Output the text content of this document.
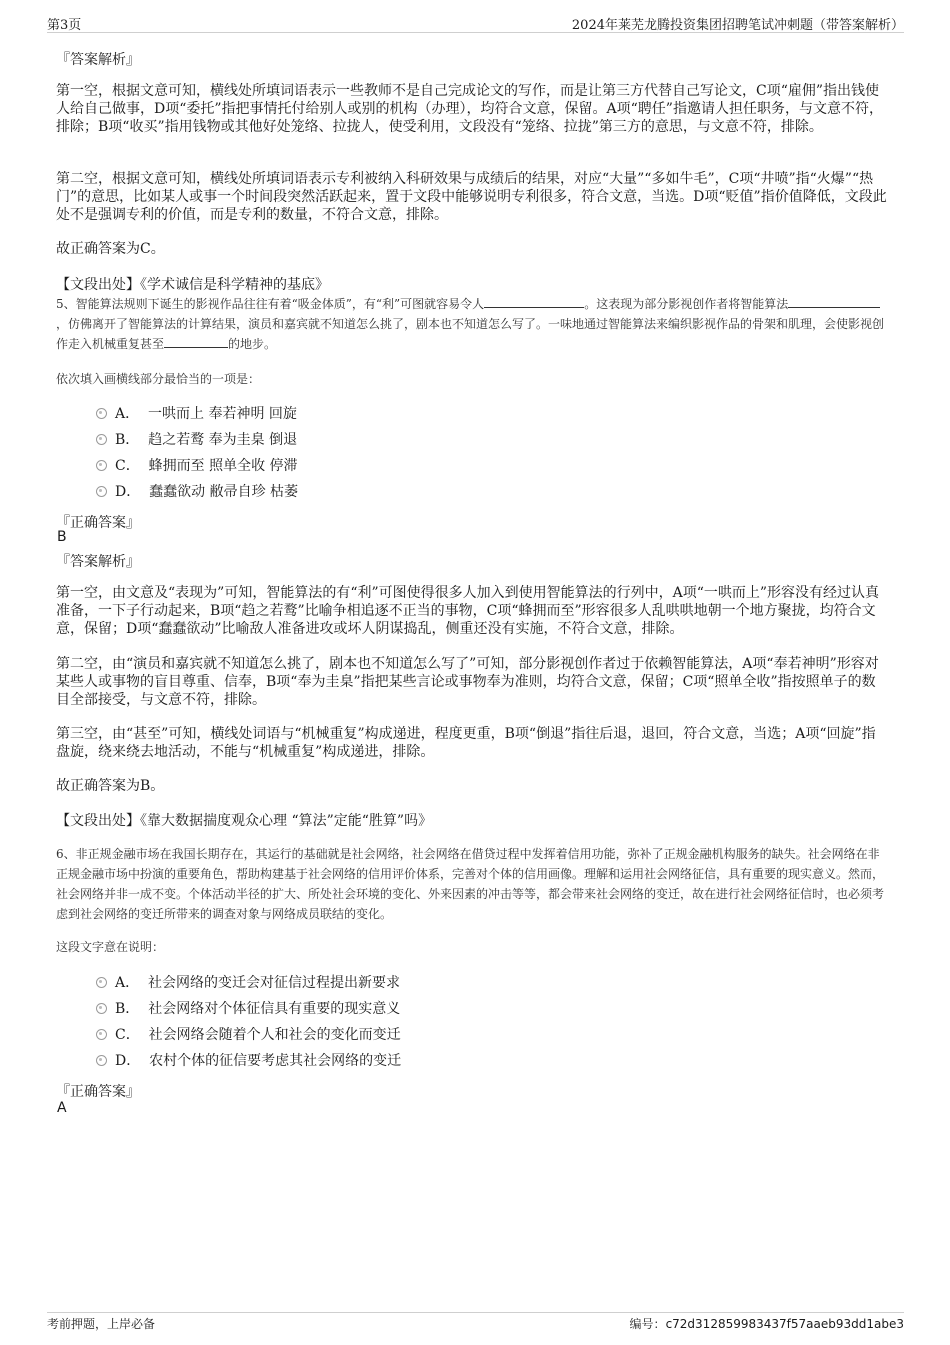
第3页	2024年莱芜龙腾投资集团招聘笔试冲刺题（带答案解析）
『答案解析』
第一空，根据文意可知，横线处所填词语表示一些教师不是自己完成论文的写作，而是让第三方代替自己写论文，C项“雇佣”指出钱使人给自己做事，D项“委托”指把事情托付给别人或别的机构（办理），均符合文意，保留。A项“聘任”指邀请人担任职务，与文意不符，排除；B项“收买”指用钱物或其他好处笼络、拉拢人，使受利用，文段没有“笼络、拉拢”第三方的意思，与文意不符，排除。
第二空，根据文意可知，横线处所填词语表示专利被纳入科研效果与成绩后的结果，对应“大量”“多如牛毛”，C项“井喷”指“火爆”“热门”的意思，比如某人或事一个时间段突然活跃起来，置于文段中能够说明专利很多，符合文意，当选。D项“贬值”指价值降低，文段此处不是强调专利的价值，而是专利的数量，不符合文意，排除。
故正确答案为C。
【文段出处】《学术诚信是科学精神的基底》
5、智能算法规则下诞生的影视作品往往有着“吸金体质”，有“利”可图就容易令人	。这表现为部分影视创作者将智能算法，仿佛离开了智能算法的计算结果，演员和嘉宾就不知道怎么挑了，剧本也不知道怎么写了。一味地通过智能算法来编织影视作品的骨架和肌理，会使影视创作走入机械重复甚至	的地步。
依次填入画横线部分最恰当的一项是：
A． 一哄而上 奉若神明 回旋
B． 趋之若鹜 奉为圭臬 倒退
C． 蜂拥而至 照单全收 停滞
D． 蠢蠢欲动 敝帚自珍 枯萎
『正确答案』
B
『答案解析』
第一空，由文意及“表现为”可知，智能算法的有“利”可图使得很多人加入到使用智能算法的行列中，A项“一哄而上”形容没有经过认真准备，一下子行动起来，B项“趋之若鹜”比喻争相追逐不正当的事物，C项“蜂拥而至”形容很多人乱哄哄地朝一个地方聚拢，均符合文意，保留；D项“蠢蠢欲动”比喻敌人准备进攻或坏人阴谋捣乱，侧重还没有实施，不符合文意，排除。
第二空，由“演员和嘉宾就不知道怎么挑了，剧本也不知道怎么写了”可知，部分影视创作者过于依赖智能算法，A项“奉若神明”形容对某些人或事物的盲目尊重、信奉，B项“奉为圭臬”指把某些言论或事物奉为准则，均符合文意，保留；C项“照单全收”指按照单子的数目全部接受，与文意不符，排除。
第三空，由“甚至”可知，横线处词语与“机械重复”构成递进，程度更重，B项“倒退”指往后退，退回，符合文意，当选；A项“回旋”指盘旋，绕来绕去地活动，不能与“机械重复”构成递进，排除。
故正确答案为B。
【文段出处】《靠大数据揣度观众心理 “算法”定能“胜算”吗》
6、非正规金融市场在我国长期存在，其运行的基础就是社会网络，社会网络在借贷过程中发挥着信用功能，弥补了正规金融机构服务的缺失。社会网络在非正规金融市场中扮演的重要角色，帮助构建基于社会网络的信用评价体系，完善对个体的信用画像。理解和运用社会网络征信，具有重要的现实意义。然而，社会网络并非一成不变。个体活动半径的扩大、所处社会环境的变化、外来因素的冲击等等，都会带来社会网络的变迁，故在进行社会网络征信时，也必须考虑到社会网络的变迁所带来的调查对象与网络成员联结的变化。
这段文字意在说明：
A． 社会网络的变迁会对征信过程提出新要求
B． 社会网络对个体征信具有重要的现实意义
C． 社会网络会随着个人和社会的变化而变迁
D． 农村个体的征信要考虑其社会网络的变迁
『正确答案』
A
考前押题，上岸必备	编号：c72d312859983437f57aaeb93dd1abe3
